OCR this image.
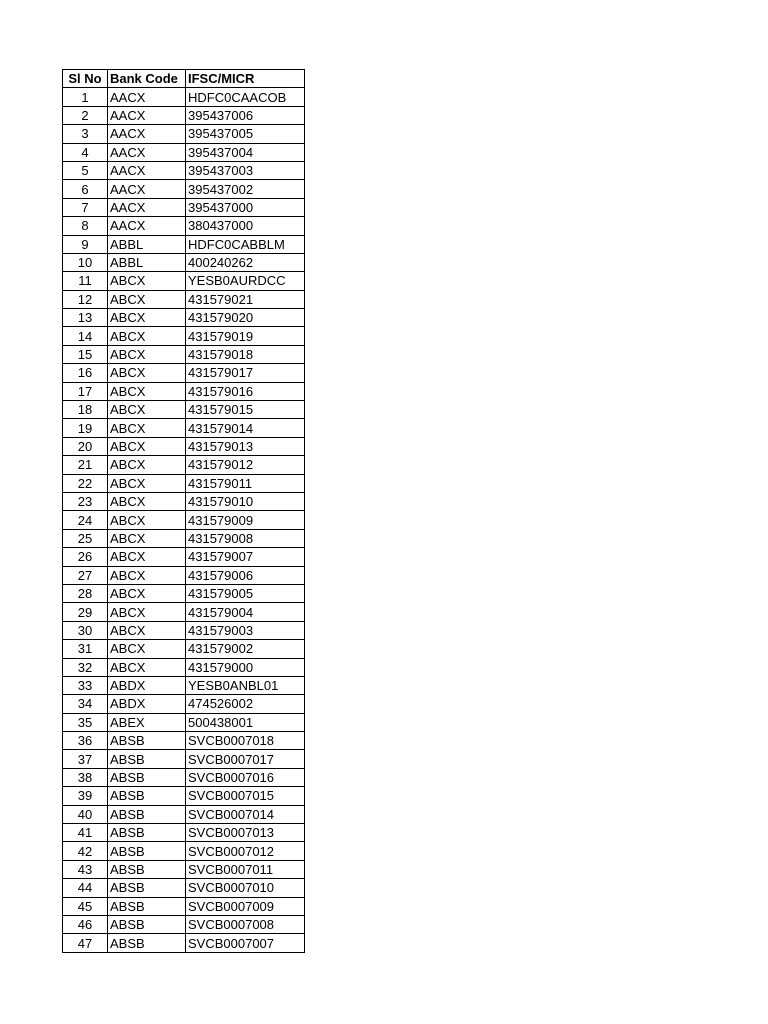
Sl No	Bank Code	IFSC/MICR
1	AACX	HDFC0CAACOB
2	AACX	395437006
3	AACX	395437005
4	AACX	395437004
5	AACX	395437003
6	AACX	395437002
7	AACX	395437000
8	AACX	380437000
9	ABBL	HDFC0CABBLM
10	ABBL	400240262
11	ABCX	YESB0AURDCC
12	ABCX	431579021
13	ABCX	431579020
14	ABCX	431579019
15	ABCX	431579018
16	ABCX	431579017
17	ABCX	431579016
18	ABCX	431579015
19	ABCX	431579014
20	ABCX	431579013
21	ABCX	431579012
22	ABCX	431579011
23	ABCX	431579010
24	ABCX	431579009
25	ABCX	431579008
26	ABCX	431579007
27	ABCX	431579006
28	ABCX	431579005
29	ABCX	431579004
30	ABCX	431579003
31	ABCX	431579002
32	ABCX	431579000
33	ABDX	YESB0ANBL01
34	ABDX	474526002
35	ABEX	500438001
36	ABSB	SVCB0007018
37	ABSB	SVCB0007017
38	ABSB	SVCB0007016
39	ABSB	SVCB0007015
40	ABSB	SVCB0007014
41	ABSB	SVCB0007013
42	ABSB	SVCB0007012
43	ABSB	SVCB0007011
44	ABSB	SVCB0007010
45	ABSB	SVCB0007009
46	ABSB	SVCB0007008
47	ABSB	SVCB0007007
